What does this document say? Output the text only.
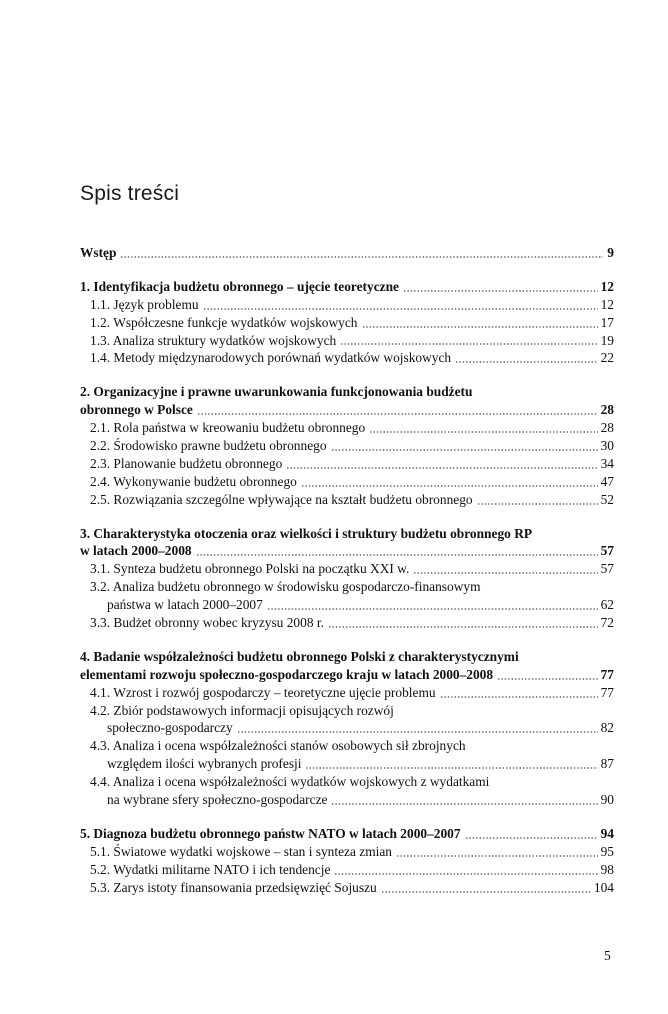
Spis treści
Wstęp	9
1. Identyfikacja budżetu obronnego – ujęcie teoretyczne	12
1.1. Język problemu	12
1.2. Współczesne funkcje wydatków wojskowych	17
1.3. Analiza struktury wydatków wojskowych	19
1.4. Metody międzynarodowych porównań wydatków wojskowych	22
2. Organizacyjne i prawne uwarunkowania funkcjonowania budżetu
obronnego w Polsce	28
2.1. Rola państwa w kreowaniu budżetu obronnego	28
2.2. Środowisko prawne budżetu obronnego	30
2.3. Planowanie budżetu obronnego	34
2.4. Wykonywanie budżetu obronnego	47
2.5. Rozwiązania szczególne wpływające na kształt budżetu obronnego	52
3. Charakterystyka otoczenia oraz wielkości i struktury budżetu obronnego RP
w latach 2000–2008	57
3.1. Synteza budżetu obronnego Polski na początku XXI w.	57
3.2. Analiza budżetu obronnego w środowisku gospodarczo-finansowym
państwa w latach 2000–2007	62
3.3. Budżet obronny wobec kryzysu 2008 r.	72
4. Badanie współzależności budżetu obronnego Polski z charakterystycznymi
elementami rozwoju społeczno-gospodarczego kraju w latach 2000–2008	77
4.1. Wzrost i rozwój gospodarczy – teoretyczne ujęcie problemu	77
4.2. Zbiór podstawowych informacji opisujących rozwój
społeczno-gospodarczy	82
4.3. Analiza i ocena współzależności stanów osobowych sił zbrojnych
względem ilości wybranych profesji	87
4.4. Analiza i ocena współzależności wydatków wojskowych z wydatkami
na wybrane sfery społeczno-gospodarcze	90
5. Diagnoza budżetu obronnego państw NATO w latach 2000–2007	94
5.1. Światowe wydatki wojskowe – stan i synteza zmian	95
5.2. Wydatki militarne NATO i ich tendencje	98
5.3. Zarys istoty finansowania przedsięwzięć Sojuszu	104
5
